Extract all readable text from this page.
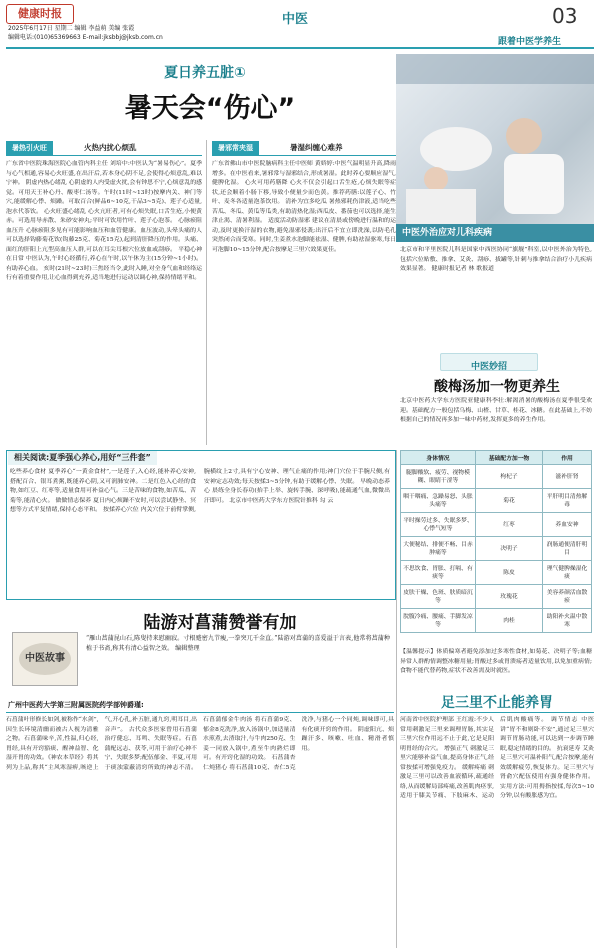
健康时报
2025年6月17日 星期二 编辑 李益萌 美编 张霞
编辑电话:(010)65369663 E-mail:jksbbj@jksb.com.cn
中医	03
跟着中医学养生
夏日养五脏①
暑天会“伤心”
暑热引火旺	火热内扰心烦乱
广东省中医院珠海医院心血管内科主任 刘培中:中医认为“暑易伤心”。夏季与心气相通,容易心火旺盛,在出汗后,若本身心阴不足,会使得心烦意乱,难以宁神。 阴虚内热心绪乱 心阴虚的人内受虚火扰,会有钟思不宁,心烦意乱的感觉。可用天王补心丹、酸枣仁汤等。午时(11时~13时)按摩内关、神门等穴,能缓解心悸、烦躁。可取百合(鲜品6~10克,干品3~5克)、莲子心适量,泡水代茶饮。 心火旺盛心绪乱 心火亢旺者,可有心烦失眠,口舌生疮,小便黄赤。可选用导赤散、朱砂安神丸;平时可饮用竹叶、莲子心泡茶。 心脉瘀阻血压升 心脉瘀阻多见有可能影响血压和血管健康。血压波动,头晕头痛的人可以选择钩藤菊花饮(钩藤25克、菊花15克),起到清肝降压的作用。头痛、面红的肝阳上亢型高血压人群,可以在耳尖耳根穴位放血或刮痧。 平稳心神在日常 中医认为,午时心经循行,养心在午时,以午休为主(15分钟~1小时)。 有助养心血。 亥时(21时~23时)三焦经当令,此时入睡,对全身气血和经络运行有着重要作用,让心血得到充养,适当地进行运动以调心神,保持情绪平和。
暑邪常夹湿	暑湿纠缠心难养
广东省佛山市中医院脑病科主任中医师 黄娇婷:中医气温明显升高,降雨增多。在中医看来,暑邪常与湿邪结合,形成暑湿。此时养心要顺应湿气,健脾化湿。 心火可用药膳降 心火不仅会引起口舌生疮,心烦失眠等症状,还会顺着小肠下移,导致小便量少而色黄。推荐药膳:以莲子心、竹叶、麦冬各适量泡茶饮用。 清补为宜多吃瓜 暑热邪耗伤津液,适当吃些苦瓜、冬瓜、黄瓜等瓜类,有助清热化湿;西瓜皮、番茄也可以选择,能生津止渴、清暑利湿。 适度活动防湿邪 建议在清晨或傍晚进行温和的运动,及时更换汗湿的衣物,避免湿邪侵袭;出汗后不宜立即洗澡,以防毛孔突然闭合而受寒。同时,生姜煮水泡脚能祛湿、健脾,有助祛湿驱寒,每日可泡脚10~15分钟,配合按摩足三里穴效果更佳。
中医外治应对儿科疾病
北京市和平里医院儿科是国家中西医协同“旗舰”科室,以中医外治为特色,包括穴位贴敷、推拿、艾灸、刮痧、拔罐等,针刺与推拿结合治疗小儿疾病效果显著。 健康时报记者 林 歌报道
中医妙招
酸梅汤加一物更养生
北京中医药大学东方医院亚健康科李壮:解渴消暑的酸梅汤在夏季很受欢迎。基础配方一般包括乌梅、山楂、甘草、桂花、冰糖。在此基础上,不妨根据自己的情况再多加一味中药材,发挥更多的养生作用。
身体情况	基础配方加一物	作用
腿脚酸软、疲劳、视物模糊、眼睛干涩等	枸杞子	滋补肝肾
咽干咽痛、急躁易怒、头胀头痛等	菊花	平肝明目清热解毒
平时操劳过多、失眠多梦、心悸气短等	红枣	养血安神
大便秘结、排便不畅、目赤肿痛等	决明子	润肠通便清肝明目
不思饮食、胃胀、打嗝、有痰等	陈皮	理气健脾燥湿化痰
皮肤干燥、色斑、肤质暗沉等	玫瑰花	美容养颜活血散瘀
脘腹冷痛、腰痛、手脚发凉等	肉桂	助阳补火温中散寒
【温馨提示】体质偏寒者避免添加过多寒性食材,如菊花、决明子等;血糖异常人群酌情调整冰糖用量;胃酸过多或胃溃疡者适量饮用,以免加重病情;食物不能代替药物,症状不改善需及时就医。
足三里不止能养胃
河南省中医院护理部 王红霞:不少人常用刺激足三里来调理胃肠,其实足三里穴位作用远不止于此,它是足阳明胃经的合穴。 增强正气 刺激足三里穴能够补益气血,提高身体正气,经常按揉可增强免疫力。 缓解疼痛 刺激足三里可以改善血液循环,疏通经络,从而缓解局部疼痛,改善肌肉痉挛,适用于膝关节痛、下肢麻木、运动后肌肉酸痛等。 调节情志 中医讲“胃不和则卧不安”,通过足三里穴调节胃肠功能,可以达到一步调节睡眠,稳定情绪的目的。 抗衰延寿 艾灸足三里穴可温补阳气,配合按摩,能有效缓解疲劳,恢复体力。足三里穴与肾俞穴配伍使用有强身健体作用。 实用方法:可用拇指按揉,每次5~10分钟,以有酸胀感为宜。
相关阅读:夏季强心养心,用好“三件套”
吃些养心食材 夏季养心“一黄金食材”,一是莲子,入心经,能补养心安神,搭配百合、银耳煮粥,既能养心阴,又可润肺安神。二是红色入心经的食物,如红豆、红枣等,适量食用可补益心气。三是苦味的食物,如苦瓜、苦菊等,能清心火。 做做情志保养 夏日内心烦躁不安时,可以尝试静坐、冥想等方式平复情绪,保持心态平和。 按揉养心穴位 内关穴位于前臂掌侧,腕横纹上2寸,具有宁心安神、理气止痛的作用;神门穴位于手腕尺侧,有安神定志功效;每天按揉3~5分钟,有助于缓解心悸、失眠。 早晚动态养心 晨练全身长春功(抬手上举、旋转手腕、深呼吸),能疏通气血,微微出汗即可。 北京市中医药大学东方医院针推科 勾 云
陆游对菖蒲赞誉有加
中医故事
“雁山菖蒲昆山石,陈叟持来慰幽寂。寸根蹙密九节瘦,一拳突兀千金直。”陆游对菖蒲的喜爱溢于言表,他常将菖蒲种植于书斋,称其有清心益智之效。 编辑整理
广州中医药大学第三附属医院药学部钟爵瑾:
石菖蒲叶形修长如剑,被称作“水剑”,因生长环境清幽而被古人视为清雅之物。石菖蒲味辛,苦,性温,归心经,胃经,具有开窍豁痰、醒神益智、化湿开胃的功效。《神农本草经》将其列为上品,称其“主风寒湿痹,咳逆上气,开心孔,补五脏,通九窍,明耳目,出音声”。 古代众多医家曾用石菖蒲治疗健忘、耳鸣、失眠等症。石菖蒲配远志、茯苓,可用于治疗心神不宁、失眠多梦;配伍郁金、半夏,可用于痰浊蒙蔽清窍所致的神志不清。 石菖蒲郁金牛肉汤 将石菖蒲9克、郁金8克洗净,放入汤锅中,加适量清水煎煮,去渣取汁,与牛肉250克、生姜一同放入锅中,煮至牛肉熟烂即可。有开窍化湿的功效。 石菖蒲杏仁炖猪心 将石菖蒲10克、杏仁5克洗净,与猪心一个同炖,调味即可,具有化痰开窍的作用。 阴虚阳亢、烦躁汗多、咳嗽、吐血、精滑者慎用。
